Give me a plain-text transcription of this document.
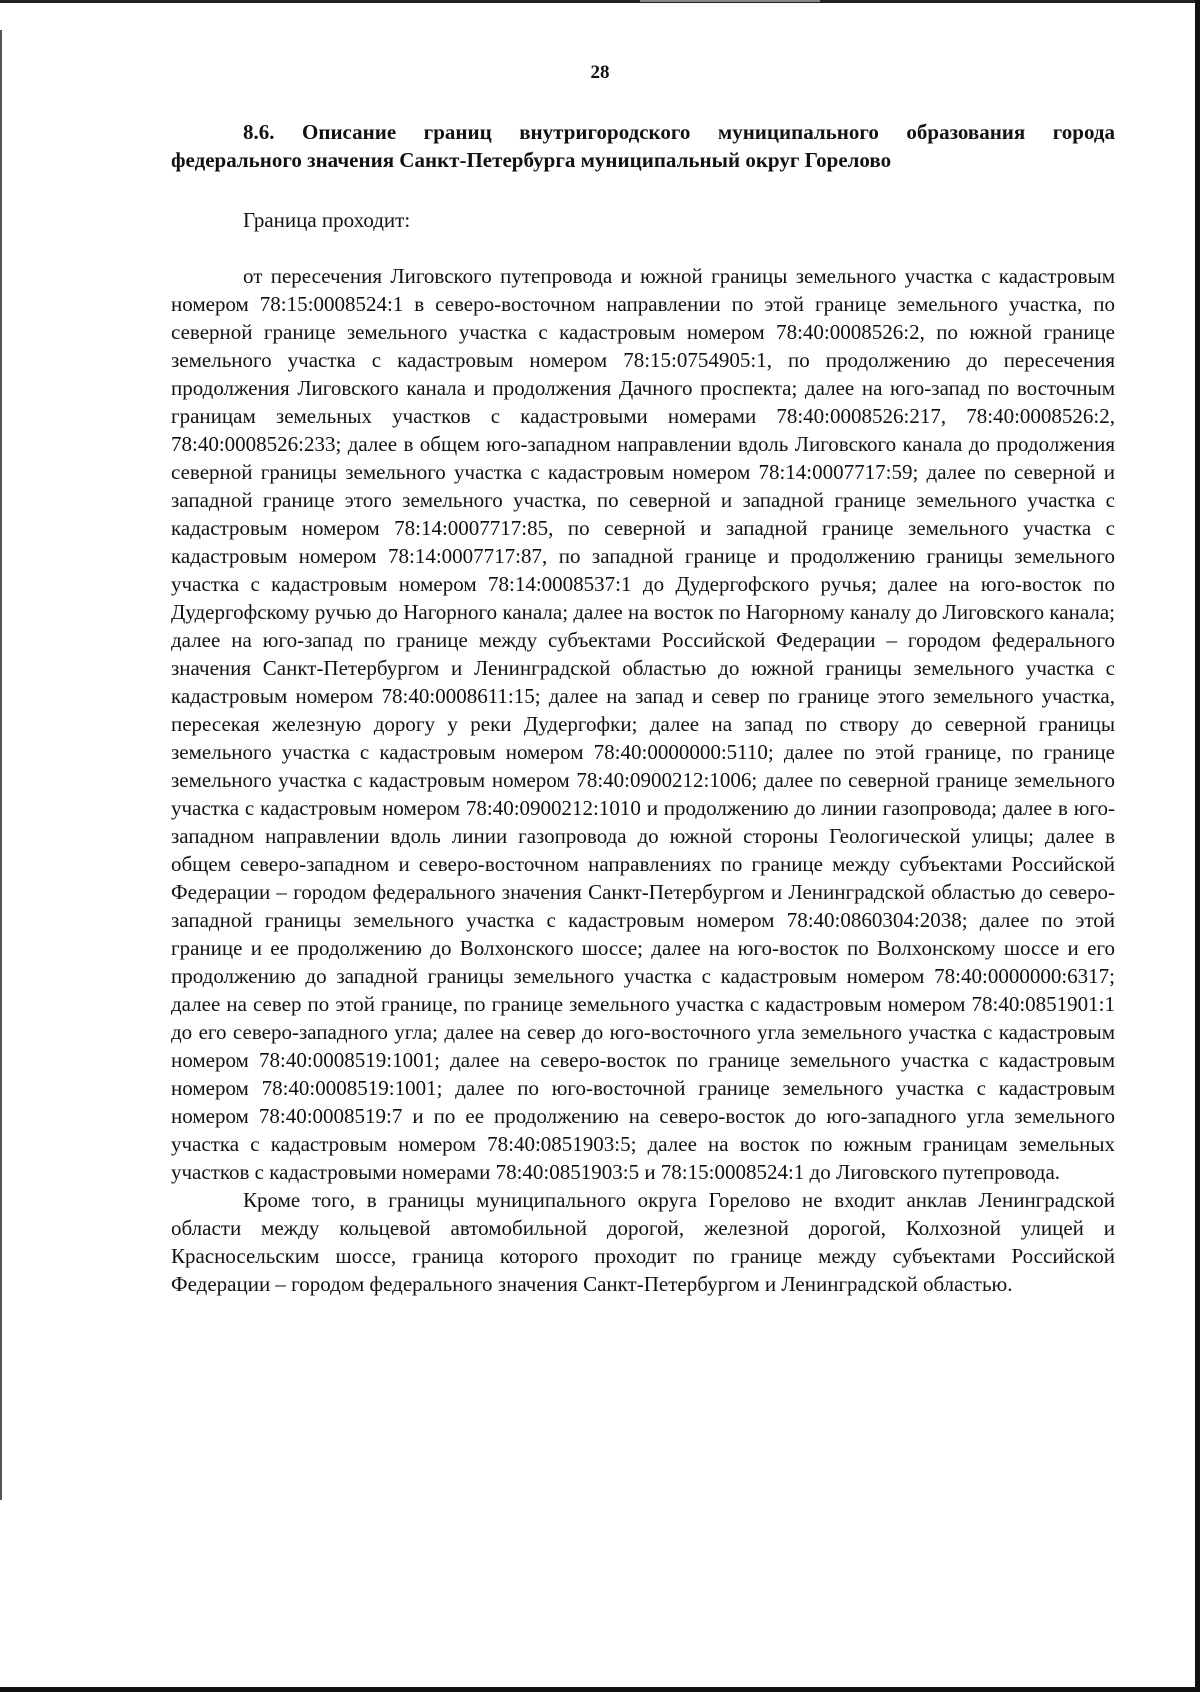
28

8.6. Описание границ внутригородского муниципального образования города федерального значения Санкт-Петербурга муниципальный округ Горелово

Граница проходит:

от пересечения Лиговского путепровода и южной границы земельного участка с кадастровым номером 78:15:0008524:1 в северо-восточном направлении по этой границе земельного участка, по северной границе земельного участка с кадастровым номером 78:40:0008526:2, по южной границе земельного участка с кадастровым номером 78:15:0754905:1, по продолжению до пересечения продолжения Лиговского канала и продолжения Дачного проспекта; далее на юго-запад по восточным границам земельных участков с кадастровыми номерами 78:40:0008526:217, 78:40:0008526:2, 78:40:0008526:233; далее в общем юго-западном направлении вдоль Лиговского канала до продолжения северной границы земельного участка с кадастровым номером 78:14:0007717:59; далее по северной и западной границе этого земельного участка, по северной и западной границе земельного участка с кадастровым номером 78:14:0007717:85, по северной и западной границе земельного участка с кадастровым номером 78:14:0007717:87, по западной границе и продолжению границы земельного участка с кадастровым номером 78:14:0008537:1 до Дудергофского ручья; далее на юго-восток по Дудергофскому ручью до Нагорного канала; далее на восток по Нагорному каналу до Лиговского канала; далее на юго-запад по границе между субъектами Российской Федерации – городом федерального значения Санкт-Петербургом и Ленинградской областью до южной границы земельного участка с кадастровым номером 78:40:0008611:15; далее на запад и север по границе этого земельного участка, пересекая железную дорогу у реки Дудергофки; далее на запад по створу до северной границы земельного участка с кадастровым номером 78:40:0000000:5110; далее по этой границе, по границе земельного участка с кадастровым номером 78:40:0900212:1006; далее по северной границе земельного участка с кадастровым номером 78:40:0900212:1010 и продолжению до линии газопровода; далее в юго-западном направлении вдоль линии газопровода до южной стороны Геологической улицы; далее в общем северо-западном и северо-восточном направлениях по границе между субъектами Российской Федерации – городом федерального значения Санкт-Петербургом и Ленинградской областью до северо-западной границы земельного участка с кадастровым номером 78:40:0860304:2038; далее по этой границе и ее продолжению до Волхонского шоссе; далее на юго-восток по Волхонскому шоссе и его продолжению до западной границы земельного участка с кадастровым номером 78:40:0000000:6317; далее на север по этой границе, по границе земельного участка с кадастровым номером 78:40:0851901:1 до его северо-западного угла; далее на север до юго-восточного угла земельного участка с кадастровым номером 78:40:0008519:1001; далее на северо-восток по границе земельного участка с кадастровым номером 78:40:0008519:1001; далее по юго-восточной границе земельного участка с кадастровым номером 78:40:0008519:7 и по ее продолжению на северо-восток до юго-западного угла земельного участка с кадастровым номером 78:40:0851903:5; далее на восток по южным границам земельных участков с кадастровыми номерами 78:40:0851903:5 и 78:15:0008524:1 до Лиговского путепровода.

Кроме того, в границы муниципального округа Горелово не входит анклав Ленинградской области между кольцевой автомобильной дорогой, железной дорогой, Колхозной улицей и Красносельским шоссе, граница которого проходит по границе между субъектами Российской Федерации – городом федерального значения Санкт-Петербургом и Ленинградской областью.
